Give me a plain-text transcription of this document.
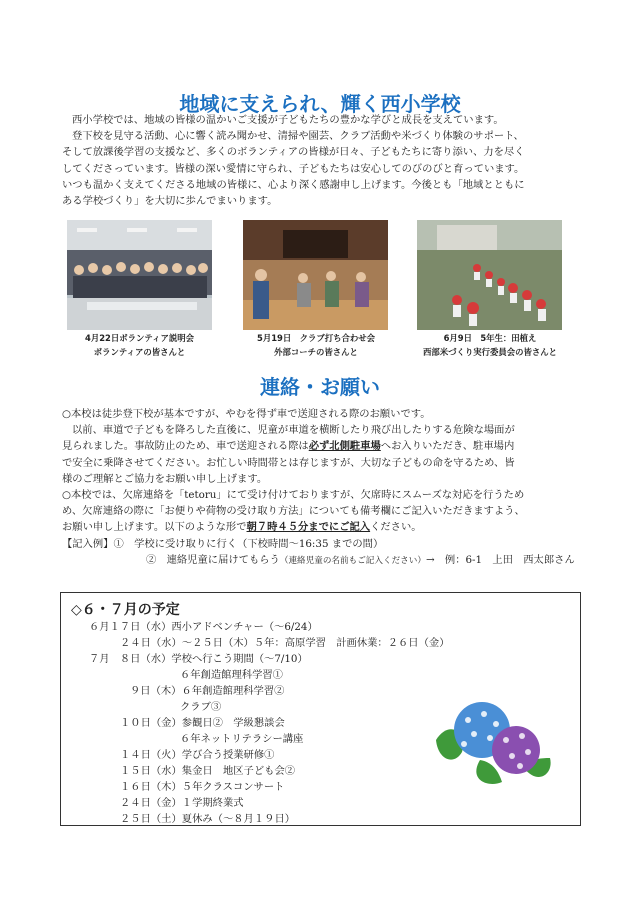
地域に支えられ、輝く西小学校

西小学校では、地域の皆様の温かいご支援が子どもたちの豊かな学びと成長を支えています。

登下校を見守る活動、心に響く読み聞かせ、清掃や園芸、クラブ活動や米づくり体験のサポート、

そして放課後学習の支援など、多くのボランティアの皆様が日々、子どもたちに寄り添い、力を尽く

してくださっています。皆様の深い愛情に守られ、子どもたちは安心してのびのびと育っています。

いつも温かく支えてくださる地域の皆様に、心より深く感謝申し上げます。今後とも「地域とともに

ある学校づくり」を大切に歩んでまいります。

4月22日ボランティア説明会
ボランティアの皆さんと
5月19日　クラブ打ち合わせ会
外部コーチの皆さんと
6月9日　5年生：田植え
西部米づくり実行委員会の皆さんと
連絡・お願い

○本校は徒歩登下校が基本ですが、やむを得ず車で送迎される際のお願いです。

以前、車道で子どもを降ろした直後に、児童が車道を横断したり飛び出したりする危険な場面が

見られました。事故防止のため、車で送迎される際は必ず北側駐車場へお入りいただき、駐車場内

で安全に乗降させてください。お忙しい時間帯とは存じますが、大切な子どもの命を守るため、皆

様のご理解とご協力をお願い申し上げます。

○本校では、欠席連絡を「tetoru」にて受け付けておりますが、欠席時にスムーズな対応を行うため

め、欠席連絡の際に「お便りや荷物の受け取り方法」についても備考欄にご記入いただきますよう、

お願い申し上げます。以下のような形で朝７時４５分までにご記入ください。

【記入例】①　学校に受け取りに行く（下校時間〜16:35 までの間）

②　連絡児童に届けてもらう（連絡児童の名前もご記入ください）→　例：6-1　上田　西太郎さん

◇６・７月の予定
６月１７日（水）西小アドベンチャー（〜6/24）
２４日（水）〜２５日（木）５年：高原学習　計画休業：２６日（金）
７月　８日（水）学校へ行こう期間（〜7/10）
６年創造館理科学習①
９日（木）６年創造館理科学習②
クラブ③
１０日（金）参観日②　学級懇談会
６年ネットリテラシー講座
１４日（火）学び合う授業研修①
１５日（水）集金日　地区子ども会②
１６日（木）５年クラスコンサート
２４日（金）１学期終業式
２５日（土）夏休み（〜８月１９日）
